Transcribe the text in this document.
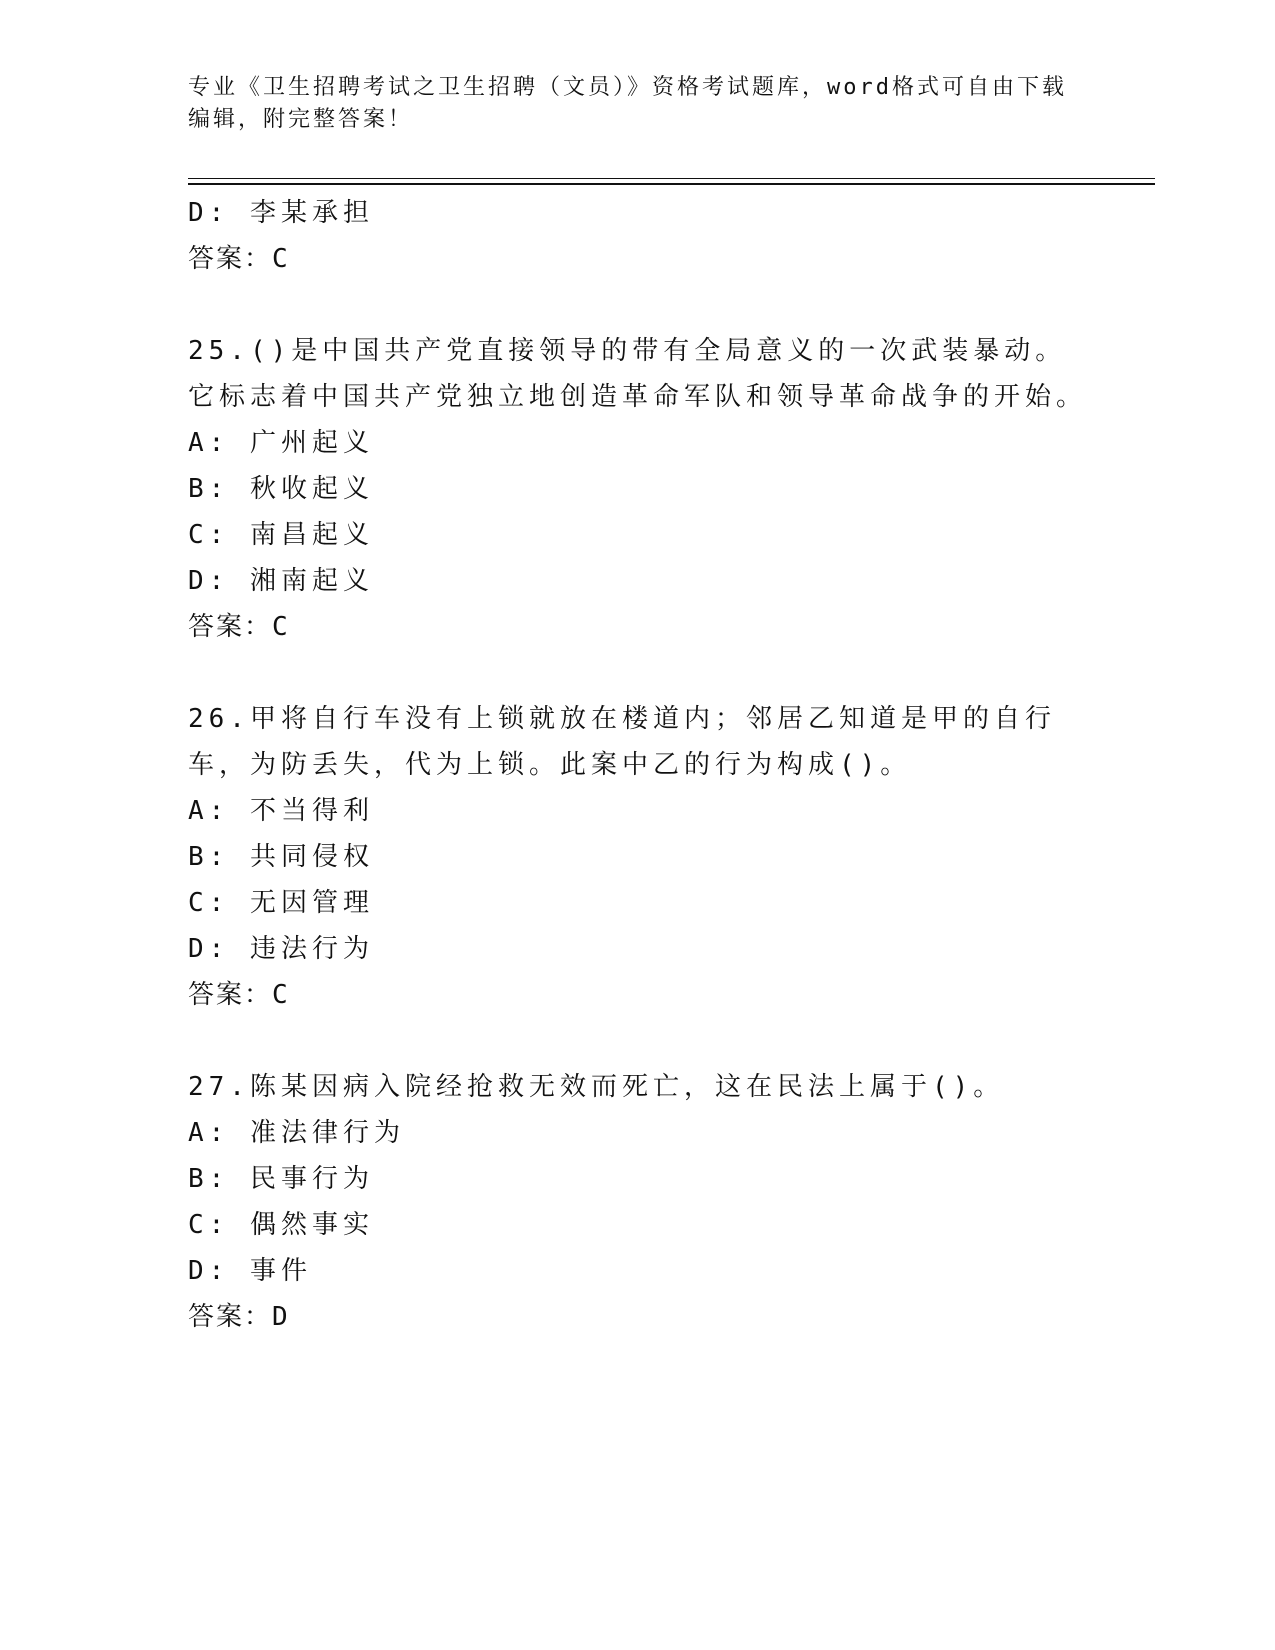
专业《卫生招聘考试之卫生招聘（文员）》资格考试题库，word格式可自由下载编辑，附完整答案！

D: 李某承担
答案：C

25.()是中国共产党直接领导的带有全局意义的一次武装暴动。它标志着中国共产党独立地创造革命军队和领导革命战争的开始。

A: 广州起义
B: 秋收起义
C: 南昌起义
D: 湘南起义
答案：C

26.甲将自行车没有上锁就放在楼道内；邻居乙知道是甲的自行车，为防丢失，代为上锁。此案中乙的行为构成()。

A: 不当得利
B: 共同侵权
C: 无因管理
D: 违法行为
答案：C

27.陈某因病入院经抢救无效而死亡，这在民法上属于()。

A: 准法律行为
B: 民事行为
C: 偶然事实
D: 事件
答案：D
